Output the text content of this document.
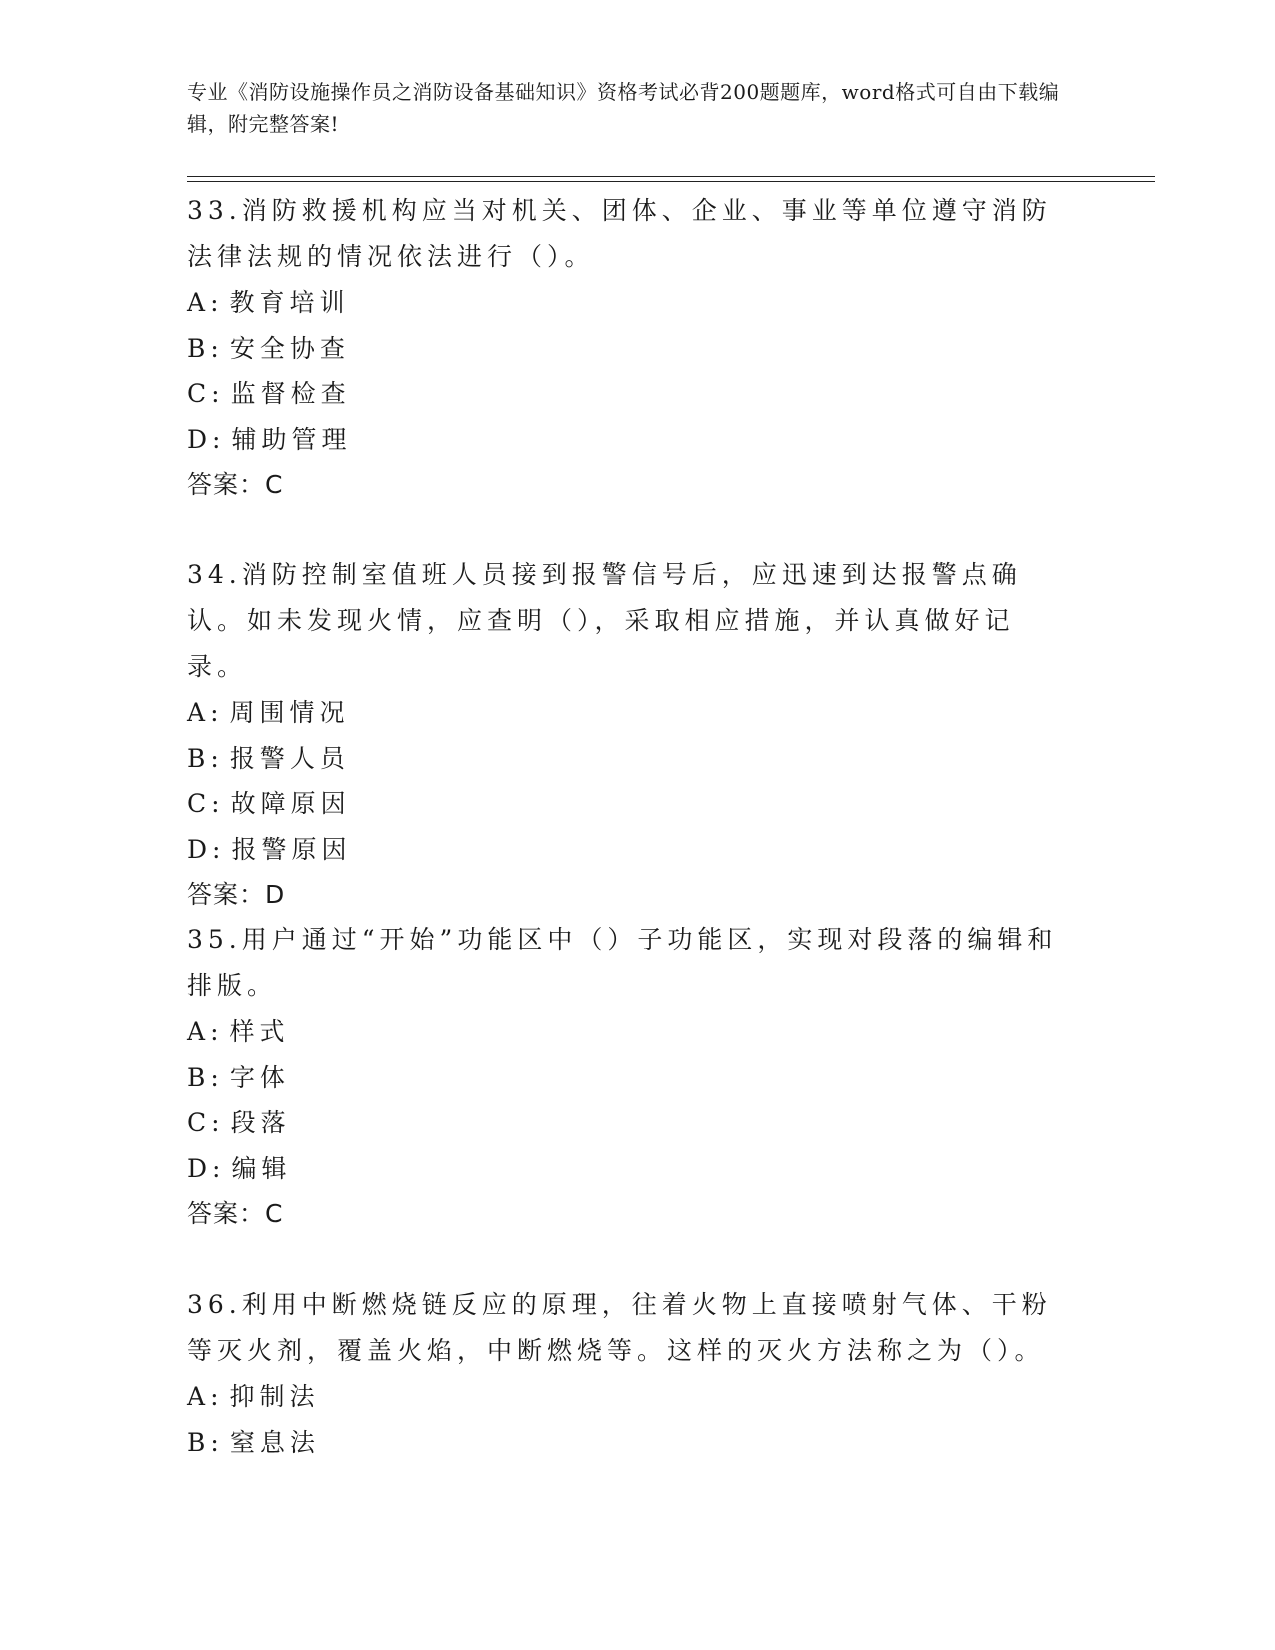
专业《消防设施操作员之消防设备基础知识》资格考试必背200题题库，word格式可自由下载编辑，附完整答案!

33.消防救援机构应当对机关、团体、企业、事业等单位遵守消防法律法规的情况依法进行（）。

A : 教育培训

B : 安全协查

C : 监督检查

D : 辅助管理

答案：C

34.消防控制室值班人员接到报警信号后，应迅速到达报警点确认。如未发现火情，应查明（），采取相应措施，并认真做好记录。

A : 周围情况

B : 报警人员

C : 故障原因

D : 报警原因

答案：D

35.用户通过“开始”功能区中（）子功能区，实现对段落的编辑和排版。

A : 样式

B : 字体

C : 段落

D : 编辑

答案：C

36.利用中断燃烧链反应的原理，往着火物上直接喷射气体、干粉等灭火剂，覆盖火焰，中断燃烧等。这样的灭火方法称之为（）。

A : 抑制法

B : 窒息法
